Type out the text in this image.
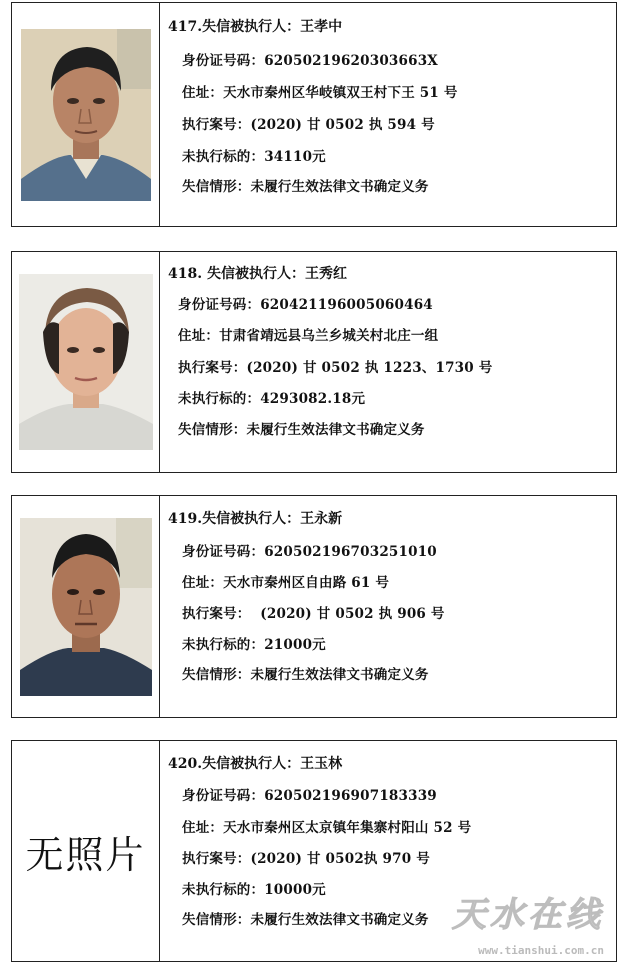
417.失信被执行人：王孝中
身份证号码：62050219620303663X
住址：天水市秦州区华岐镇双王村下王 51 号
执行案号：(2020) 甘 0502 执 594 号
未执行标的：34110元
失信情形：未履行生效法律文书确定义务
418. 失信被执行人：王秀红
身份证号码：620421196005060464
住址：甘肃省靖远县乌兰乡城关村北庄一组
执行案号：(2020) 甘 0502 执 1223、1730 号
未执行标的：4293082.18元
失信情形：未履行生效法律文书确定义务
419.失信被执行人：王永新
身份证号码：620502196703251010
住址：天水市秦州区自由路 61 号
执行案号：  (2020) 甘 0502 执 906 号
未执行标的：21000元
失信情形：未履行生效法律文书确定义务
无照片
420.失信被执行人：王玉林
身份证号码：620502196907183339
住址：天水市秦州区太京镇年集寨村阳山 52 号
执行案号：(2020) 甘 0502执 970 号
未执行标的：10000元
失信情形：未履行生效法律文书确定义务 天水在线
www.tianshui.com.cn
